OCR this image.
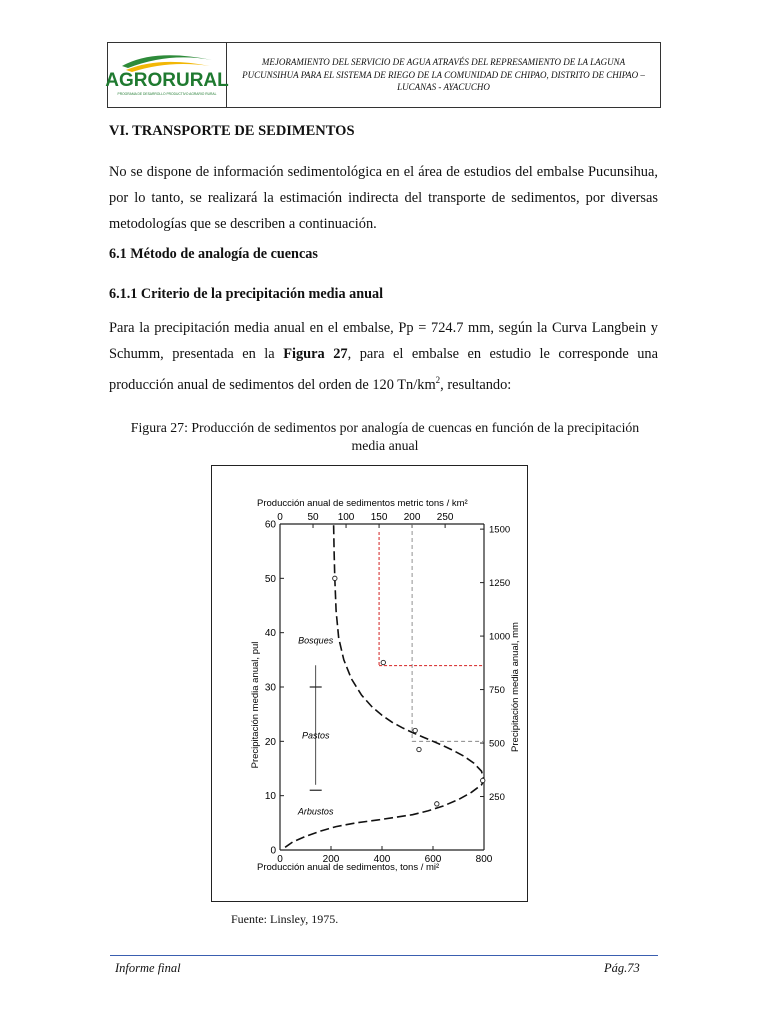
AGRORURAL
PROGRAMA DE DESARROLLO PRODUCTIVO AGRARIO RURAL
MEJORAMIENTO DEL SERVICIO DE AGUA ATRAVÉS DEL REPRESAMIENTO DE LA LAGUNA PUCUNSIHUA PARA EL SISTEMA DE RIEGO DE LA COMUNIDAD DE CHIPAO, DISTRITO DE CHIPAO – LUCANAS - AYACUCHO
VI. TRANSPORTE DE SEDIMENTOS

No se dispone de información sedimentológica en el área de estudios del embalse Pucunsihua, por lo tanto, se realizará la estimación indirecta del transporte de sedimentos, por diversas metodologías que se describen a continuación.

6.1 Método de analogía de cuencas
6.1.1 Criterio de la precipitación media anual

Para la precipitación media anual en el embalse, Pp = 724.7 mm, según la Curva Langbein y Schumm, presentada en la Figura 27, para el embalse en estudio le corresponde una producción anual de sedimentos del orden de 120 $Tn/km^2$, resultando:

Figura 27: Producción de sedimentos por analogía de cuencas en función de la precipitación media anual
0	200	400	600	800
0 50 100 150 200 250
0
10
20
30
40
50
60
250
500
750
1000
1250
1500
Producción anual de sedimentos, tons / mi²
Producción anual de sedimentos metric tons / km²
Precipitación media anual, pul	Precipitación media anual, mm
Bosques
Pastos
Arbustos
Fuente: Linsley, 1975.
Informe final	Pág.73
